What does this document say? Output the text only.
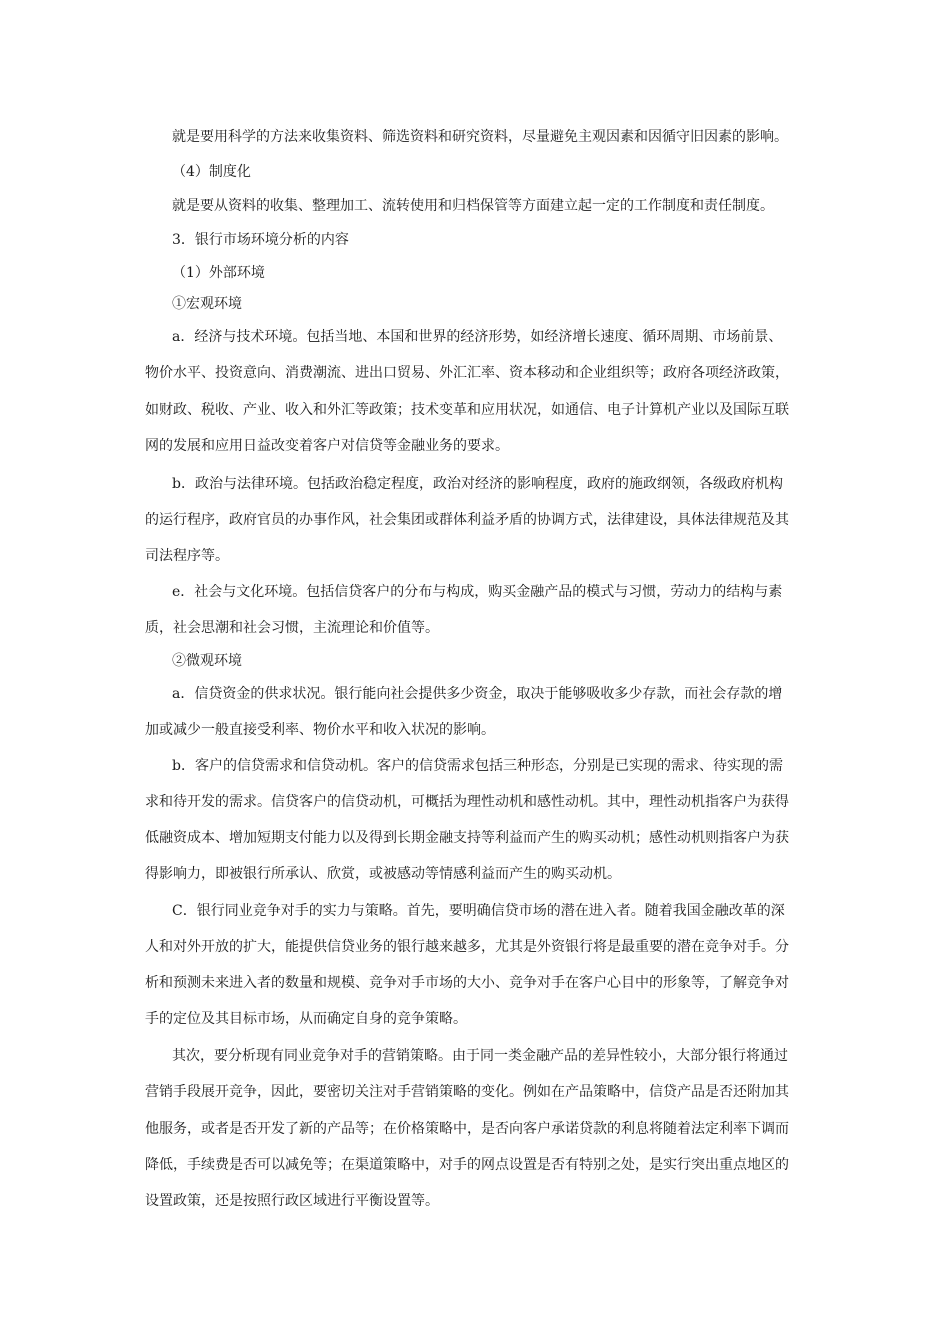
就是要用科学的方法来收集资料、筛选资料和研究资料，尽量避免主观因素和因循守旧因素的影响。

（4）制度化

就是要从资料的收集、整理加工、流转使用和归档保管等方面建立起一定的工作制度和责任制度。

3．银行市场环境分析的内容

（1）外部环境

①宏观环境

a．经济与技术环境。包括当地、本国和世界的经济形势，如经济增长速度、循环周期、市场前景、

物价水平、投资意向、消费潮流、进出口贸易、外汇汇率、资本移动和企业组织等；政府各项经济政策，

如财政、税收、产业、收入和外汇等政策；技术变革和应用状况，如通信、电子计算机产业以及国际互联

网的发展和应用日益改变着客户对信贷等金融业务的要求。

b．政治与法律环境。包括政治稳定程度，政治对经济的影响程度，政府的施政纲领，各级政府机构

的运行程序，政府官员的办事作风，社会集团或群体利益矛盾的协调方式，法律建设，具体法律规范及其

司法程序等。

e．社会与文化环境。包括信贷客户的分布与构成，购买金融产品的模式与习惯，劳动力的结构与素

质，社会思潮和社会习惯，主流理论和价值等。

②微观环境

a．信贷资金的供求状况。银行能向社会提供多少资金，取决于能够吸收多少存款，而社会存款的增

加或减少一般直接受利率、物价水平和收入状况的影响。

b．客户的信贷需求和信贷动机。客户的信贷需求包括三种形态，分别是已实现的需求、待实现的需

求和待开发的需求。信贷客户的信贷动机，可概括为理性动机和感性动机。其中，理性动机指客户为获得

低融资成本、增加短期支付能力以及得到长期金融支持等利益而产生的购买动机；感性动机则指客户为获

得影响力，即被银行所承认、欣赏，或被感动等情感利益而产生的购买动机。

C．银行同业竞争对手的实力与策略。首先，要明确信贷市场的潜在进入者。随着我国金融改革的深

人和对外开放的扩大，能提供信贷业务的银行越来越多，尤其是外资银行将是最重要的潜在竞争对手。分

析和预测未来进入者的数量和规模、竞争对手市场的大小、竞争对手在客户心目中的形象等，了解竞争对

手的定位及其目标市场，从而确定自身的竞争策略。

其次，要分析现有同业竞争对手的营销策略。由于同一类金融产品的差异性较小，大部分银行将通过

营销手段展开竞争，因此，要密切关注对手营销策略的变化。例如在产品策略中，信贷产品是否还附加其

他服务，或者是否开发了新的产品等；在价格策略中，是否向客户承诺贷款的利息将随着法定利率下调而

降低，手续费是否可以减免等；在渠道策略中，对手的网点设置是否有特别之处，是实行突出重点地区的

设置政策，还是按照行政区域进行平衡设置等。
